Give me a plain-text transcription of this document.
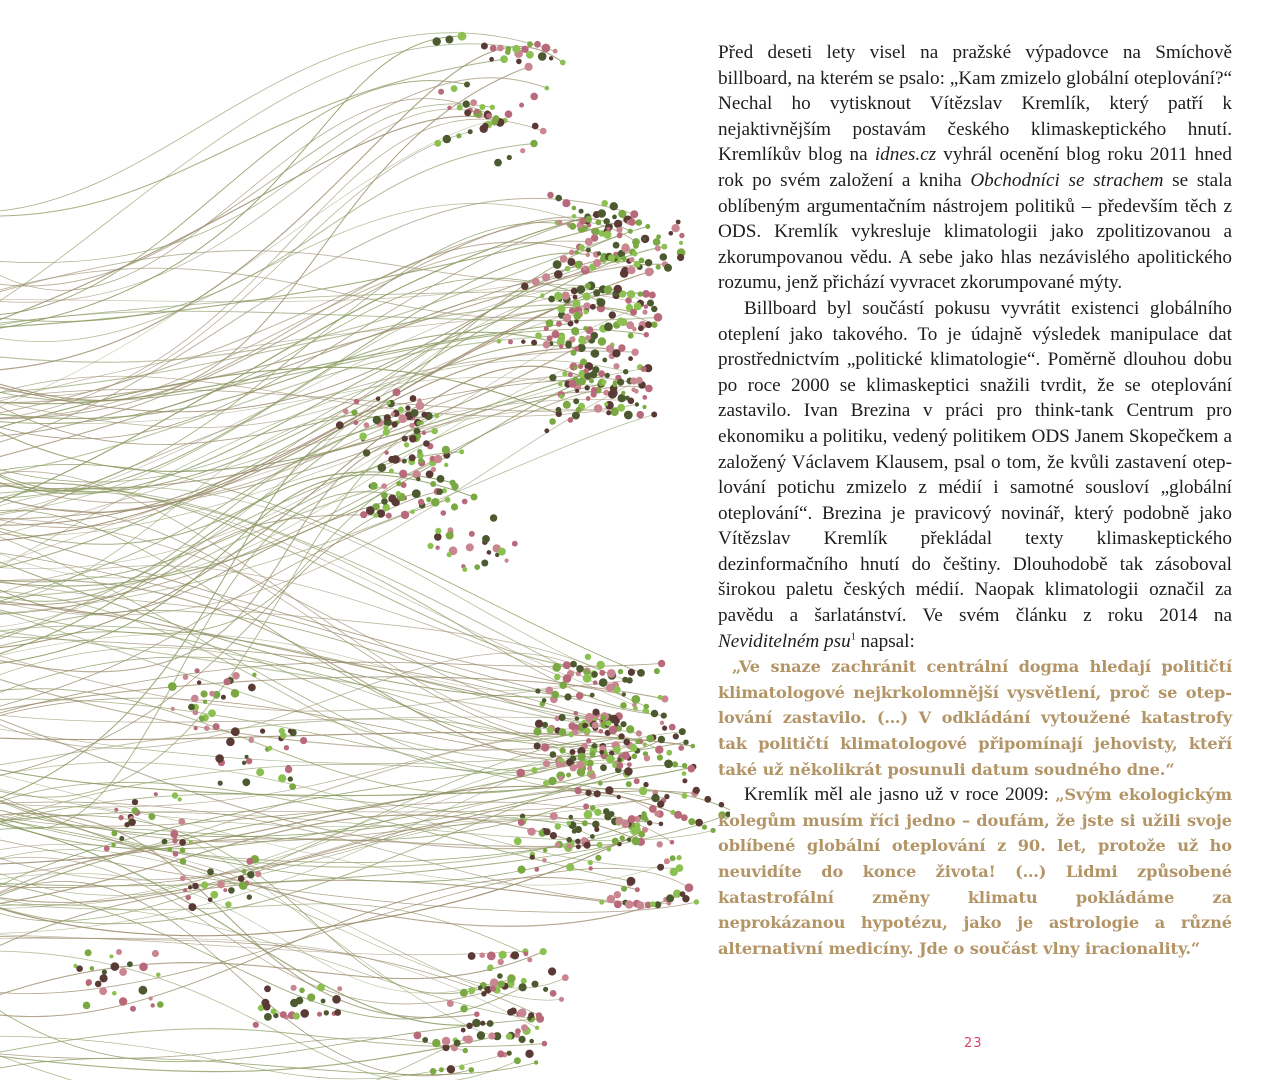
Před deseti lety visel na pražské výpadovce na Smíchově billboard, na kterém se psalo: „Kam zmizelo globální oteplování?“ Nechal ho vytisknout Vítězslav Kremlík, který patří k nejaktivnějším postavám českého klimaskeptického hnutí. Kremlíkův blog na idnes.cz vyhrál ocenění blog roku 2011 hned rok po svém založení a kniha Obchodníci se strachem se stala oblíbeným argumentačním nástrojem politiků – především těch z ODS. Kremlík vykresluje klimatologii jako zpolitizovanou a zkorumpovanou vědu. A sebe jako hlas nezávislého apolitického rozumu, jenž přichází vyvracet zkorumpované mýty.

Billboard byl součástí pokusu vyvrátit existenci globálního oteplení jako takového. To je údajně výsledek manipulace dat prostřednictvím „politické klimatologie“. Poměrně dlouhou dobu po roce 2000 se klimaskeptici snažili tvrdit, že se oteplování zastavilo. Ivan Brezina v práci pro think-tank Centrum pro ekonomiku a politiku, vedený politikem ODS Janem Skopečkem a založený Václavem Klausem, psal o tom, že kvůli zastavení oteplování potichu zmizelo z médií i samotné sousloví „globální oteplování“. Brezina je pravicový novinář, který podobně jako Vítězslav Kremlík překládal texty klimaskeptického dezinformačního hnutí do češtiny. Dlouhodobě tak zásoboval širokou paletu českých médií. Naopak klimatologii označil za pavědu a šarlatánství. Ve svém článku z roku 2014 na Neviditelném psu$^1$ napsal:

„Ve snaze zachránit centrální dogma hledají političtí klimatologové nejkrkolomnější vysvětlení, proč se oteplování zastavilo. (…) V odkládání vytoužené katastrofy tak političtí klimatologové připomínají jehovisty, kteří také už několikrát posunuli datum soudného dne.“

Kremlík měl ale jasno už v roce 2009: „Svým ekologickým kolegům musím říci jedno – doufám, že jste si užili svoje oblíbené globální oteplování z 90. let, protože už ho neuvidíte do konce života! (…) Lidmi způsobené katastrofální změny klimatu pokládáme za neprokázanou hypotézu, jako je astrologie a různé alternativní medicíny. Jde o součást vlny iracionality.“

23
